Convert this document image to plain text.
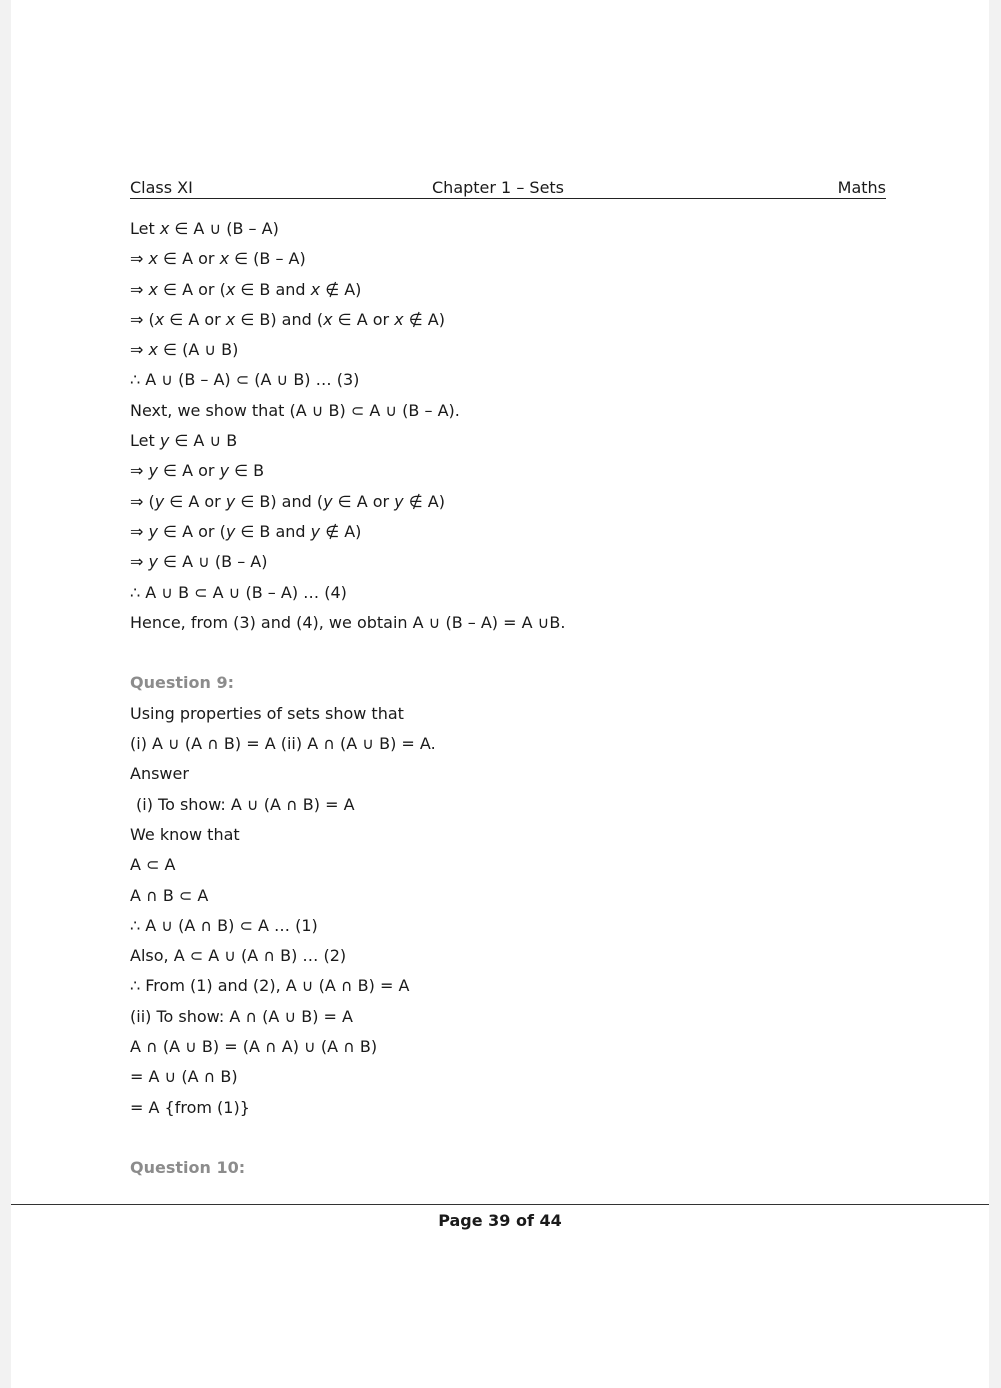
Class XI	Chapter 1 – Sets	Maths
Let x ∈ A ∪ (B – A)
⇒ x ∈ A or x ∈ (B – A)
⇒ x ∈ A or (x ∈ B and x ∉ A)
⇒ (x ∈ A or x ∈ B) and (x ∈ A or x ∉ A)
⇒ x ∈ (A ∪ B)
∴ A ∪ (B – A) ⊂ (A ∪ B) … (3)
Next, we show that (A ∪ B) ⊂ A ∪ (B – A).
Let y ∈ A ∪ B
⇒ y ∈ A or y ∈ B
⇒ (y ∈ A or y ∈ B) and (y ∈ A or y ∉ A)
⇒ y ∈ A or (y ∈ B and y ∉ A)
⇒ y ∈ A ∪ (B – A)
∴ A ∪ B ⊂ A ∪ (B – A) … (4)
Hence, from (3) and (4), we obtain A ∪ (B – A) = A ∪B.
Question 9:
Using properties of sets show that
(i) A ∪ (A ∩ B) = A (ii) A ∩ (A ∪ B) = A.
Answer
(i) To show: A ∪ (A ∩ B) = A
We know that
A ⊂ A
A ∩ B ⊂ A
∴ A ∪ (A ∩ B) ⊂ A … (1)
Also, A ⊂ A ∪ (A ∩ B) … (2)
∴ From (1) and (2), A ∪ (A ∩ B) = A
(ii) To show: A ∩ (A ∪ B) = A
A ∩ (A ∪ B) = (A ∩ A) ∪ (A ∩ B)
= A ∪ (A ∩ B)
= A {from (1)}
Question 10:
Page 39 of 44
